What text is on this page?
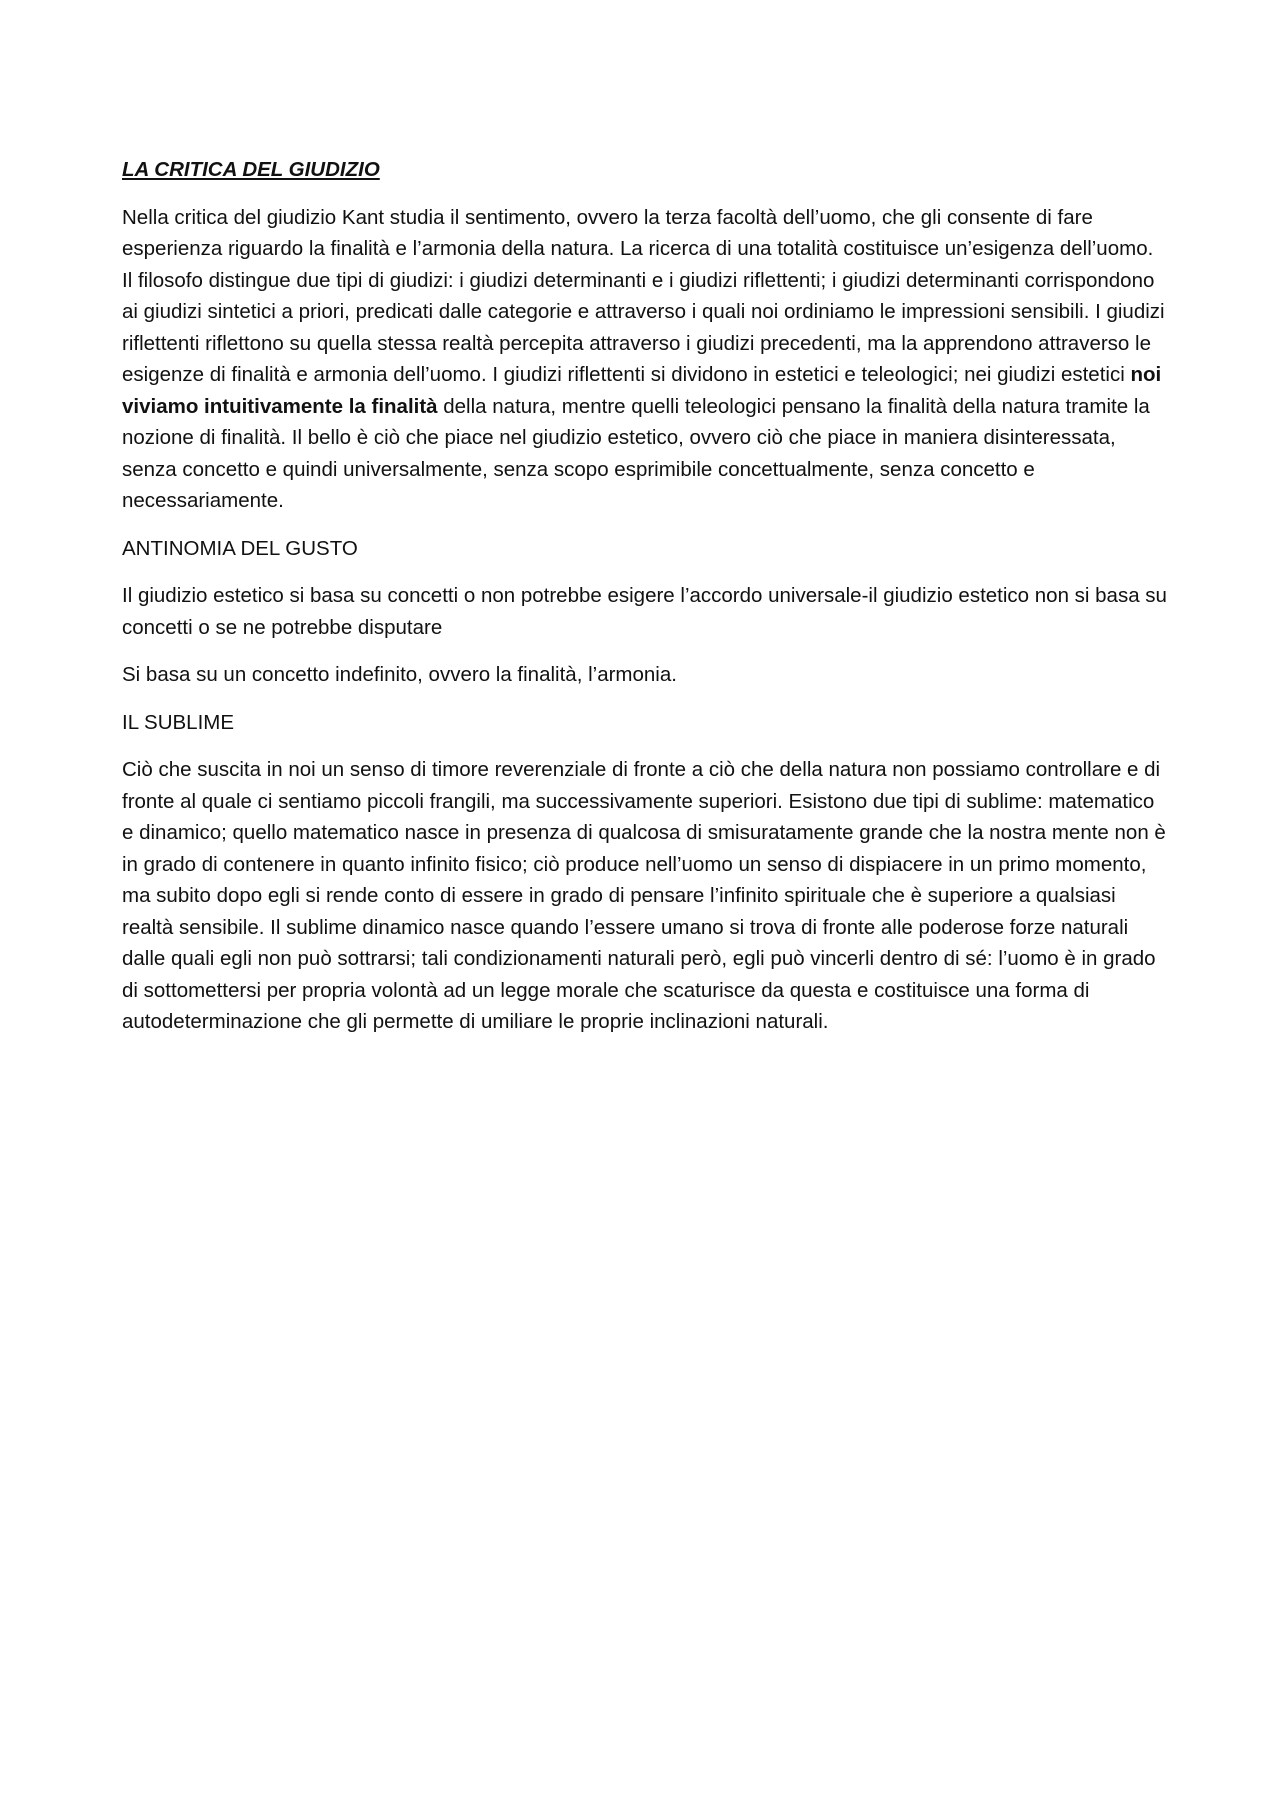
LA CRITICA DEL GIUDIZIO

Nella critica del giudizio Kant studia il sentimento, ovvero la terza facoltà dell’uomo, che gli consente di fare esperienza riguardo la finalità e l’armonia della natura. La ricerca di una totalità costituisce un’esigenza dell’uomo. Il filosofo distingue due tipi di giudizi: i giudizi determinanti e i giudizi riflettenti; i giudizi determinanti corrispondono ai giudizi sintetici a priori, predicati dalle categorie e attraverso i quali noi ordiniamo le impressioni sensibili. I giudizi riflettenti riflettono su quella stessa realtà percepita attraverso i giudizi precedenti, ma la apprendono attraverso le esigenze di finalità e armonia dell’uomo. I giudizi riflettenti si dividono in estetici e teleologici; nei giudizi estetici noi viviamo intuitivamente la finalità della natura, mentre quelli teleologici pensano la finalità della natura tramite la nozione di finalità. Il bello è ciò che piace nel giudizio estetico, ovvero ciò che piace in maniera disinteressata, senza concetto e quindi universalmente, senza scopo esprimibile concettualmente, senza concetto e necessariamente.

ANTINOMIA DEL GUSTO

Il giudizio estetico si basa su concetti o non potrebbe esigere l’accordo universale-il giudizio estetico non si basa su concetti o se ne potrebbe disputare

Si basa su un concetto indefinito, ovvero la finalità, l’armonia.

IL SUBLIME

Ciò che suscita in noi un senso di timore reverenziale di fronte a ciò che della natura non possiamo controllare e di fronte al quale ci sentiamo piccoli frangili, ma successivamente superiori. Esistono due tipi di sublime: matematico e dinamico; quello matematico nasce in presenza di qualcosa di smisuratamente grande che la nostra mente non è in grado di contenere in quanto infinito fisico; ciò produce nell’uomo un senso di dispiacere in un primo momento, ma subito dopo egli si rende conto di essere in grado di pensare l’infinito spirituale che è superiore a qualsiasi realtà sensibile. Il sublime dinamico nasce quando l’essere umano si trova di fronte alle poderose forze naturali dalle quali egli non può sottrarsi; tali condizionamenti naturali però, egli può vincerli dentro di sé: l’uomo è in grado di sottomettersi per propria volontà ad un legge morale che scaturisce da questa e costituisce una forma di autodeterminazione che gli permette di umiliare le proprie inclinazioni naturali.
